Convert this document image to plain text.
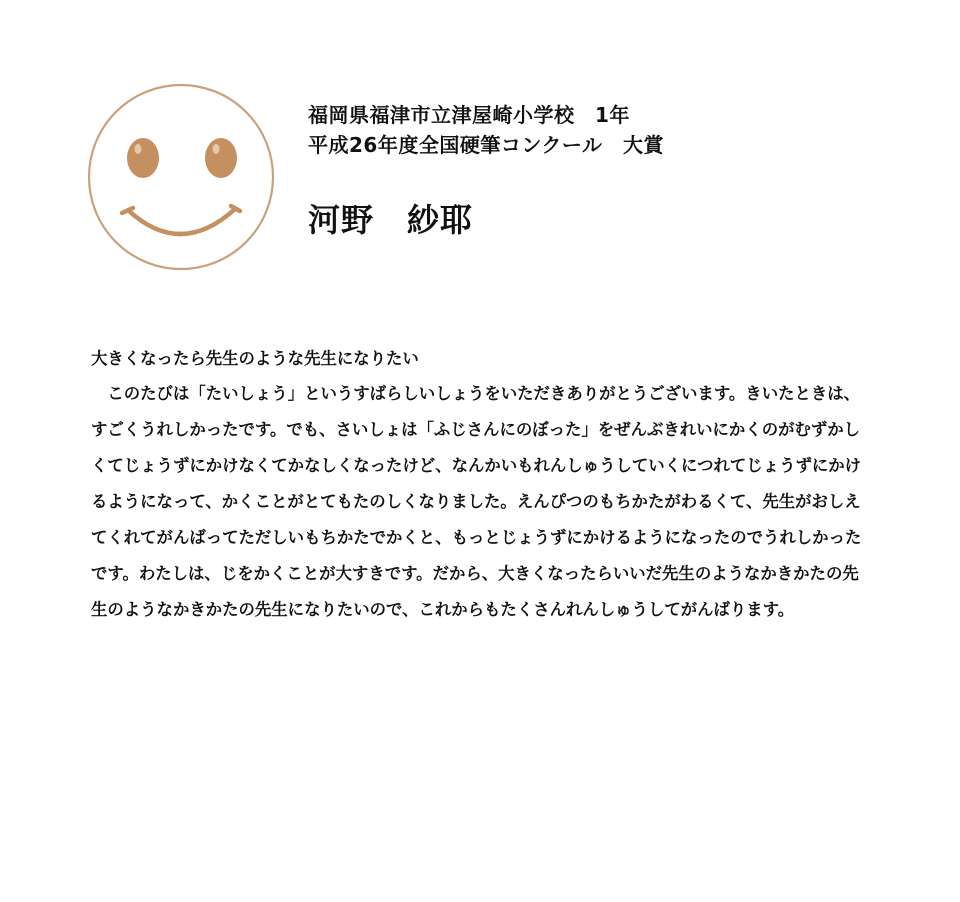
福岡県福津市立津屋崎小学校　1年
平成26年度全国硬筆コンクール　大賞
河野　紗耶

大きくなったら先生のような先生になりたい

このたびは「たいしょう」というすばらしいしょうをいただきありがとうございます。きいたときは、すごくうれしかったです。でも、さいしょは「ふじさんにのぼった」をぜんぶきれいにかくのがむずかしくてじょうずにかけなくてかなしくなったけど、なんかいもれんしゅうしていくにつれてじょうずにかけるようになって、かくことがとてもたのしくなりました。えんぴつのもちかたがわるくて、先生がおしえてくれてがんばってただしいもちかたでかくと、もっとじょうずにかけるようになったのでうれしかったです。わたしは、じをかくことが大すきです。だから、大きくなったらいいだ先生のようなかきかたの先生のようなかきかたの先生になりたいので、これからもたくさんれんしゅうしてがんばります。
